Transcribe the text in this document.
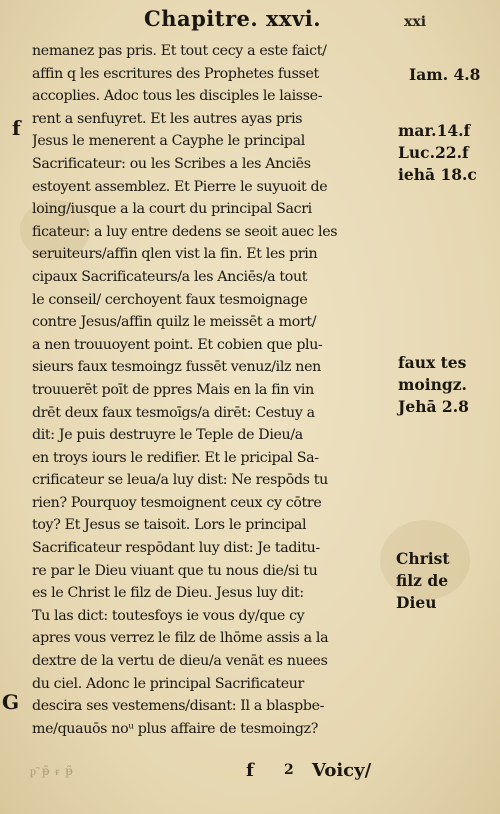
Chapitre. xxvi.	xxi
nemanez pas pris. Et tout cecy a este faict/
affin q les escritures des Prophetes fusset
accoplies. Adoc tous les disciples le laisse-
rent a senfuyret. Et les autres ayas pris
Jesus le menerent a Cayphe le principal
Sacrificateur: ou les Scribes a les Anciēs
estoyent assemblez. Et Pierre le suyuoit de
loing/iusque a la court du principal Sacri
ficateur: a luy entre dedens se seoit auec les
seruiteurs/affin qlen vist la fin. Et les prin
cipaux Sacrificateurs/a les Anciēs/a tout
le conseil/ cerchoyent faux tesmoignage
contre Jesus/affin quilz le meissēt a mort/
a nen trouuoyent point. Et cobien que plu-
sieurs faux tesmoingz fussēt venuz/ilz nen
trouuerēt poīt de ppres Mais en la fin vin
drēt deux faux tesmoīgs/a dirēt: Cestuy a
dit: Je puis destruyre le Teple de Dieu/a
en troys iours le redifier. Et le pricipal Sa-
crificateur se leua/a luy dist: Ne respōds tu
rien? Pourquoy tesmoignent ceux cy cōtre
toy? Et Jesus se taisoit. Lors le principal
Sacrificateur respōdant luy dist: Je taditu-
re par le Dieu viuant que tu nous die/si tu
es le Christ le filz de Dieu. Jesus luy dit:
Tu las dict: toutesfoys ie vous dy/que cy
apres vous verrez le filz de lhōme assis a la
dextre de la vertu de dieu/a venāt es nuees
du ciel. Adonc le principal Sacrificateur
descira ses vestemens/disant: Il a blaspbe-
me/quauōs noᵘ plus affaire de tesmoingz?
f
G
Iam. 4.8
mar.14.f
Luc.22.f
iehā 18.c
faux tes
moingz.
Jehā 2.8
Christ
filz de
Dieu
ᵱ̃ ᵽ̃ ᵲ ᵽ̃	f	2	Voicy/
